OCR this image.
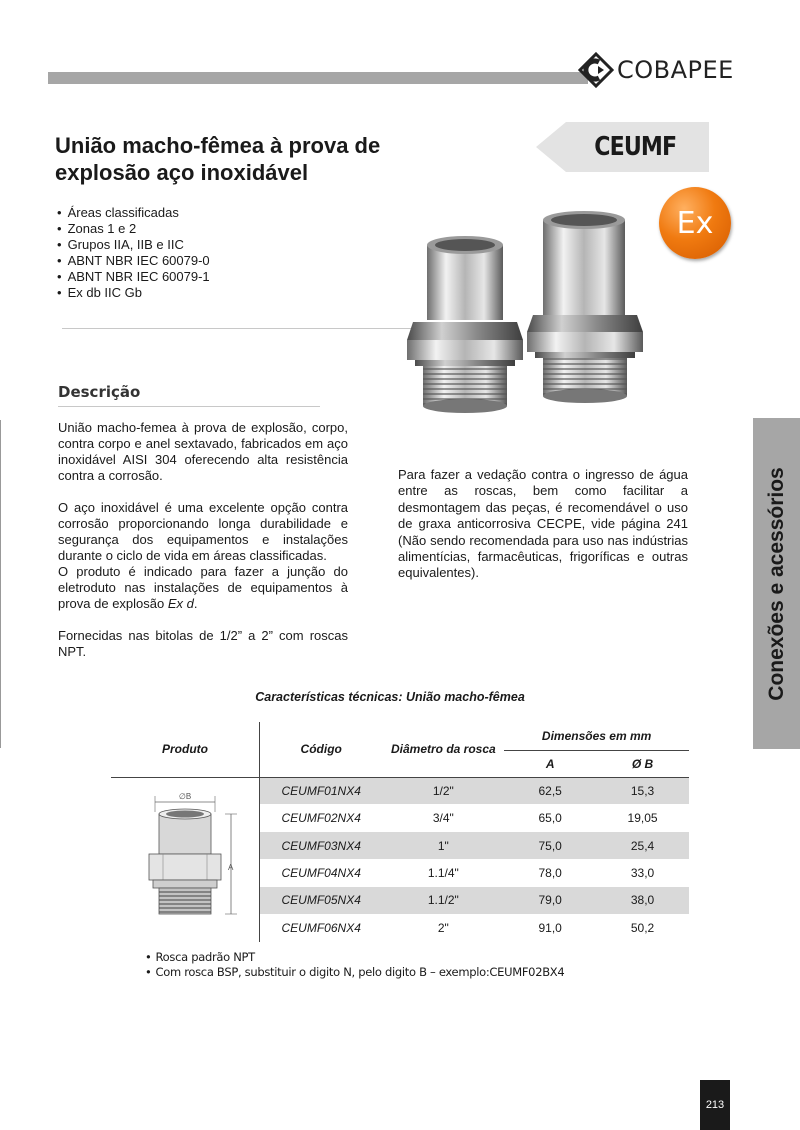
COBAPEE
União macho-fêmea à prova de explosão aço inoxidável
CEUMF
Ex
• Áreas classificadas
• Zonas 1 e 2
• Grupos IIA, IIB e IIC
• ABNT NBR IEC 60079-0
• ABNT NBR IEC 60079-1
• Ex db IIC Gb
Descrição

União macho-femea à prova de explosão, corpo, contra corpo e anel sextavado, fabricados em aço inoxidável AISI 304 oferecendo alta resistência contra a corrosão.

O aço inoxidável é uma excelente opção contra corrosão proporcionando longa durabilidade e segurança dos equipamentos e instalações durante o ciclo de vida em áreas classificadas.

O produto é indicado para fazer a junção do eletroduto nas instalações de equipamentos à prova de explosão Ex d.

Fornecidas nas bitolas de 1/2” a 2” com roscas NPT.

Para fazer a vedação contra o ingresso de água entre as roscas, bem como facilitar a desmontagem das peças, é recomendável o uso de graxa anticorrosiva CECPE, vide página 241 (Não sendo recomendada para uso nas indústrias alimentícias, farmacêuticas, frigoríficas e outras equivalentes).	Conexões e acessórios
Características técnicas: União macho-fêmea
Produto	Código	Diâmetro da rosca	Dimensões em mm	
			A	Ø B

∅B
A	CEUMF01NX4	1/2"	62,5	15,3
	CEUMF02NX4	3/4"	65,0	19,05
	CEUMF03NX4	1"	75,0	25,4
	CEUMF04NX4	1.1/4"	78,0	33,0
	CEUMF05NX4	1.1/2"	79,0	38,0
	CEUMF06NX4	2"	91,0	50,2
• Rosca padrão NPT
• Com rosca BSP, substituir o digito N, pelo digito B – exemplo:CEUMF02BX4
213
